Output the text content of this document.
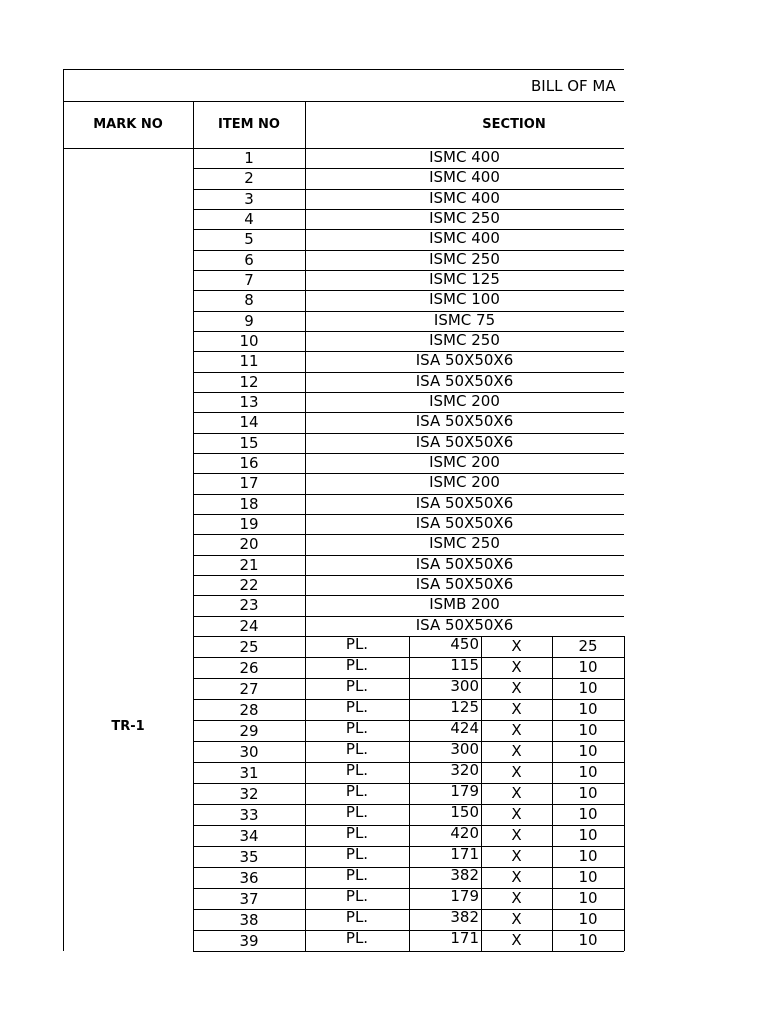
BILL OF MA
MARK NO	ITEM NO	SECTION
TR-1
1	ISMC 400
2	ISMC 400
3	ISMC 400
4	ISMC 250
5	ISMC 400
6	ISMC 250
7	ISMC 125
8	ISMC 100
9	ISMC 75
10	ISMC 250
11	ISA 50X50X6
12	ISA 50X50X6
13	ISMC 200
14	ISA 50X50X6
15	ISA 50X50X6
16	ISMC 200
17	ISMC 200
18	ISA 50X50X6
19	ISA 50X50X6
20	ISMC 250
21	ISA 50X50X6
22	ISA 50X50X6
23	ISMB 200
24	ISA 50X50X6
25	PL.	450	X	25
26	PL.	115	X	10
27	PL.	300	X	10
28	PL.	125	X	10
29	PL.	424	X	10
30	PL.	300	X	10
31	PL.	320	X	10
32	PL.	179	X	10
33	PL.	150	X	10
34	PL.	420	X	10
35	PL.	171	X	10
36	PL.	382	X	10
37	PL.	179	X	10
38	PL.	382	X	10
39	PL.	171	X	10
